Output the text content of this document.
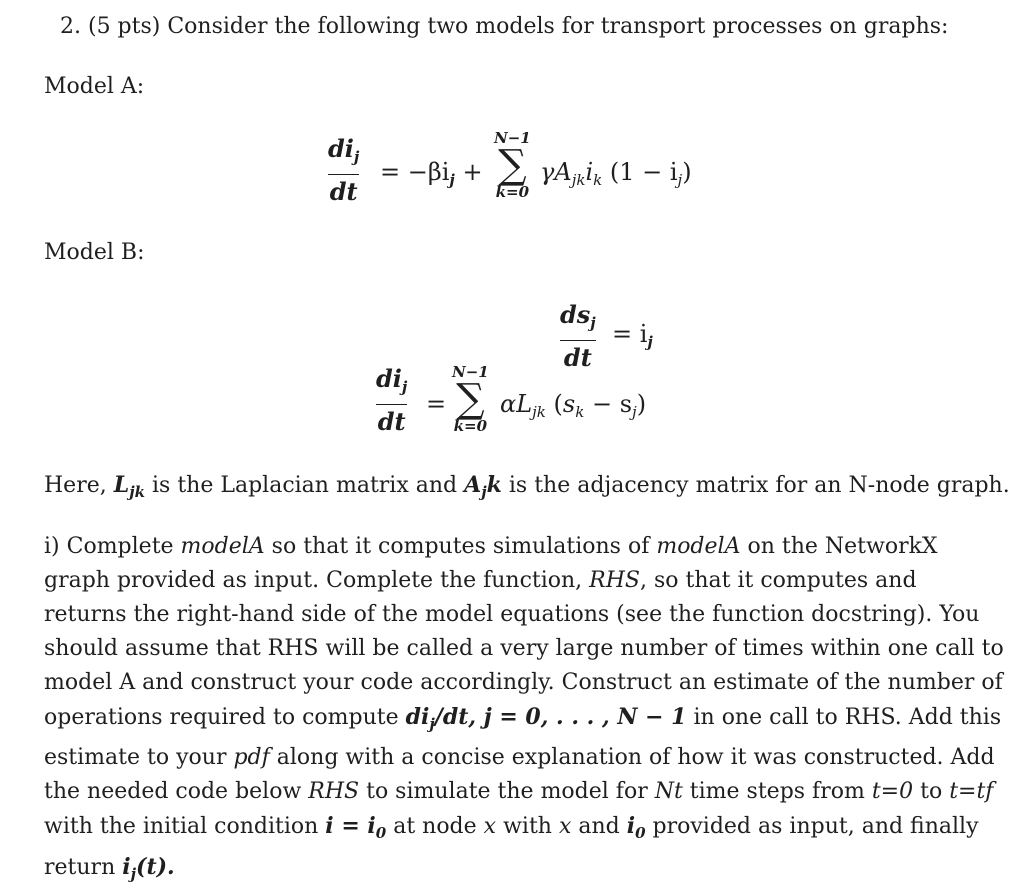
2. (5 pts) Consider the following two models for transport processes on graphs:
Model A:
$di_j$
dt
= $-\beta i_j$ +
N−1
∑
k=0
$\gamma A_{jk}i_k$ $(1 - i_j)$
Model B:
$ds_j$
dt
= $i_j$
$di_j$
dt
=
N−1
∑
k=0
$\alpha L_{jk}$ $(s_k - s_j)$
Here, $L_{jk}$ is the Laplacian matrix and $A_jk$ is the adjacency matrix for an N-node graph.
i) Complete modelA so that it computes simulations of modelA on the NetworkX graph provided as input. Complete the function, RHS, so that it computes and returns the right-hand side of the model equations (see the function docstring). You should assume that RHS will be called a very large number of times within one call to model A and construct your code accordingly. Construct an estimate of the number of operations required to compute $di_j/dt$, j = 0, . . . , N − 1 in one call to RHS. Add this estimate to your pdf along with a concise explanation of how it was constructed. Add the needed code below RHS to simulate the model for Nt time steps from t=0 to t=tf with the initial condition $i = i_0$ at node x with x and $i_0$ provided as input, and finally return $i_j(t)$.
